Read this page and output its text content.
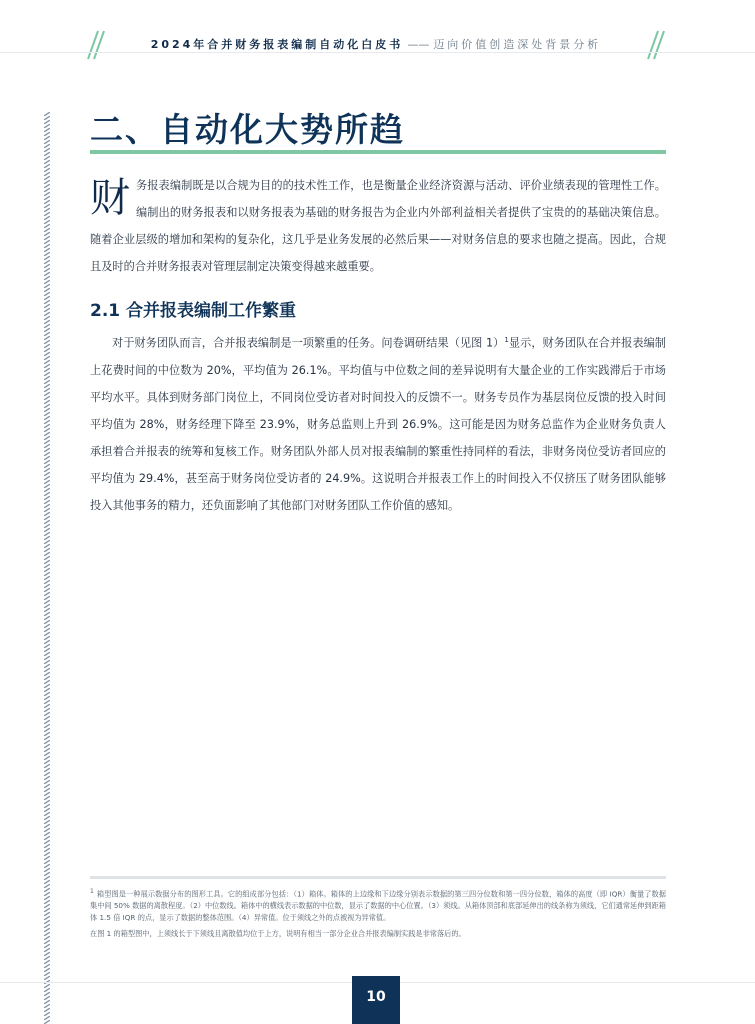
2024年合并财务报表编制自动化白皮书 —— 迈向价值创造深处背景分析
二、自动化大势所趋
财务报表编制既是以合规为目的的技术性工作，也是衡量企业经济资源与活动、评价业绩表现的管理性工作。编制出的财务报表和以财务报表为基础的财务报告为企业内外部利益相关者提供了宝贵的的基础决策信息。随着企业层级的增加和架构的复杂化，这几乎是业务发展的必然后果——对财务信息的要求也随之提高。因此，合规且及时的合并财务报表对管理层制定决策变得越来越重要。
2.1 合并报表编制工作繁重
对于财务团队而言，合并报表编制是一项繁重的任务。问卷调研结果（见图 1）$^1$显示，财务团队在合并报表编制上花费时间的中位数为 20%，平均值为 26.1%。平均值与中位数之间的差异说明有大量企业的工作实践滞后于市场平均水平。具体到财务部门岗位上，不同岗位受访者对时间投入的反馈不一。财务专员作为基层岗位反馈的投入时间平均值为 28%，财务经理下降至 23.9%，财务总监则上升到 26.9%。这可能是因为财务总监作为企业财务负责人承担着合并报表的统筹和复核工作。财务团队外部人员对报表编制的繁重性持同样的看法，非财务岗位受访者回应的平均值为 29.4%，甚至高于财务岗位受访者的 24.9%。这说明合并报表工作上的时间投入不仅挤压了财务团队能够投入其他事务的精力，还负面影响了其他部门对财务团队工作价值的感知。

$^1$ 箱型图是一种展示数据分布的图形工具。它的组成部分包括：（1）箱体。箱体的上边缘和下边缘分别表示数据的第三四分位数和第一四分位数，箱体的高度（即 IQR）衡量了数据集中间 50% 数据的离散程度。（2）中位数线。箱体中的横线表示数据的中位数，显示了数据的中心位置。（3）须线。从箱体顶部和底部延伸出的线条称为须线，它们通常延伸到距箱体 1.5 倍 IQR 的点，显示了数据的整体范围。（4）异常值。位于须线之外的点被视为异常值。

在图 1 的箱型图中，上须线长于下须线且离散值均位于上方，说明有相当一部分企业合并报表编制实践是非常落后的。

10
